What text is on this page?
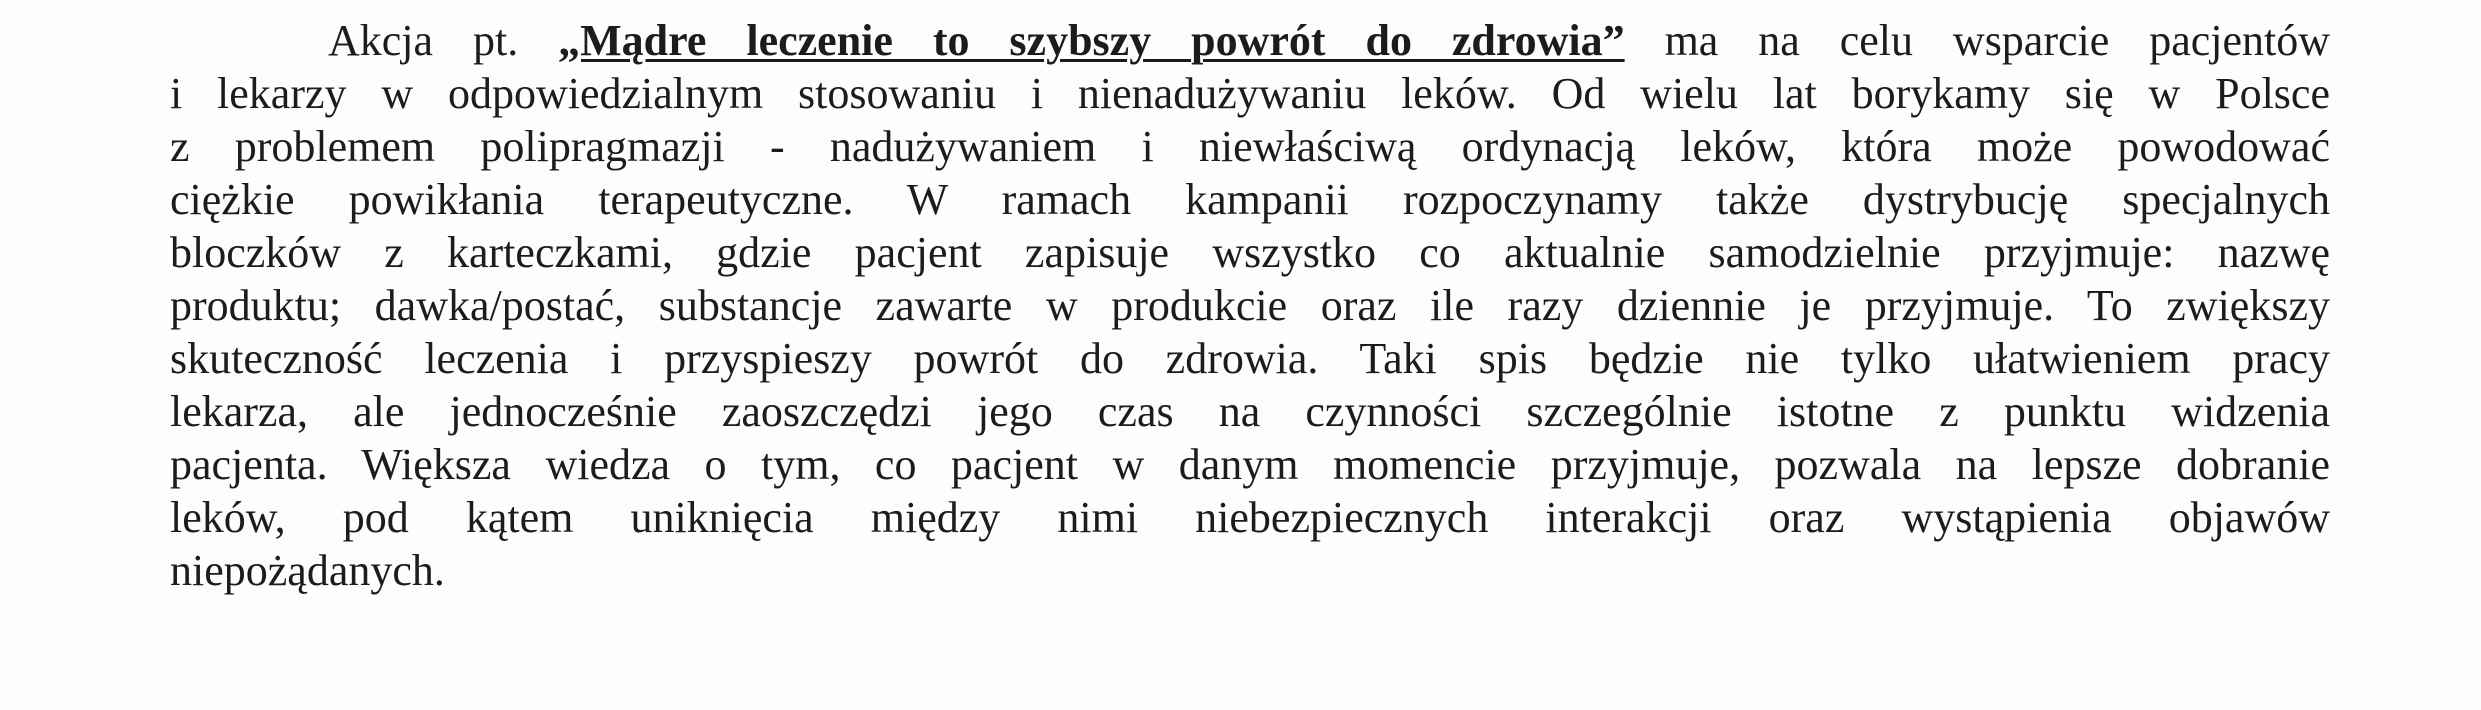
Akcja pt. „Mądre leczenie to szybszy powrót do zdrowia” ma na celu wsparcie pacjentów
i lekarzy w odpowiedzialnym stosowaniu i nienadużywaniu leków. Od wielu lat borykamy się w Polsce
z problemem polipragmazji - nadużywaniem i niewłaściwą ordynacją leków, która może powodować
ciężkie powikłania terapeutyczne. W ramach kampanii rozpoczynamy także dystrybucję specjalnych
bloczków z karteczkami, gdzie pacjent zapisuje wszystko co aktualnie samodzielnie przyjmuje: nazwę
produktu; dawka/postać, substancje zawarte w produkcie oraz ile razy dziennie je przyjmuje. To zwiększy
skuteczność leczenia i przyspieszy powrót do zdrowia. Taki spis będzie nie tylko ułatwieniem pracy
lekarza, ale jednocześnie zaoszczędzi jego czas na czynności szczególnie istotne z punktu widzenia
pacjenta. Większa wiedza o tym, co pacjent w danym momencie przyjmuje, pozwala na lepsze dobranie
leków, pod kątem uniknięcia między nimi niebezpiecznych interakcji oraz wystąpienia objawów
niepożądanych.
